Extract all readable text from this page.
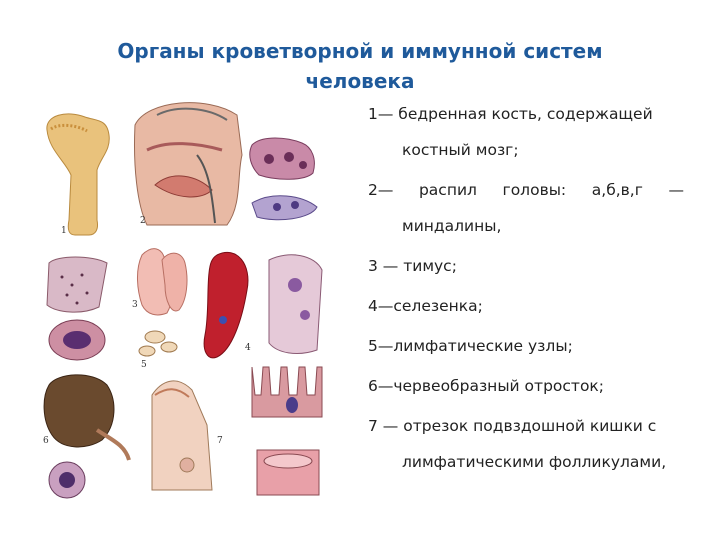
Органы кроветворной и иммунной систем
человека
1
2
3
4
5
6	7
1— бедренная кость, содержащей
костный мозг;
2— распил головы: а,б,в,г —
миндалины,
3 — тимус;
4—селезенка;
5—лимфатические узлы;
6—червеобразный отросток;
7 — отрезок подвздошной кишки с
лимфатическими фолликулами,
